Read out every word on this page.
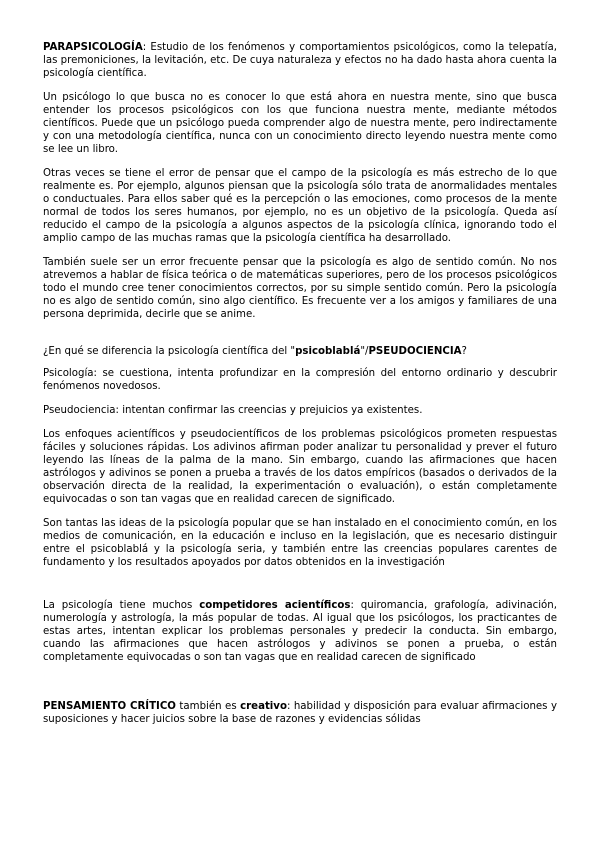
PARAPSICOLOGÍA: Estudio de los fenómenos y comportamientos psicológicos, como la telepatía, las premoniciones, la levitación, etc. De cuya naturaleza y efectos no ha dado hasta ahora cuenta la psicología científica.

Un psicólogo lo que busca no es conocer lo que está ahora en nuestra mente, sino que busca entender los procesos psicológicos con los que funciona nuestra mente, mediante métodos científicos. Puede que un psicólogo pueda comprender algo de nuestra mente, pero indirectamente y con una metodología científica, nunca con un conocimiento directo leyendo nuestra mente como se lee un libro.

Otras veces se tiene el error de pensar que el campo de la psicología es más estrecho de lo que realmente es. Por ejemplo, algunos piensan que la psicología sólo trata de anormalidades mentales o conductuales. Para ellos saber qué es la percepción o las emociones, como procesos de la mente normal de todos los seres humanos, por ejemplo, no es un objetivo de la psicología. Queda así reducido el campo de la psicología a algunos aspectos de la psicología clínica, ignorando todo el amplio campo de las muchas ramas que la psicología científica ha desarrollado.

También suele ser un error frecuente pensar que la psicología es algo de sentido común. No nos atrevemos a hablar de física teórica o de matemáticas superiores, pero de los procesos psicológicos todo el mundo cree tener conocimientos correctos, por su simple sentido común. Pero la psicología no es algo de sentido común, sino algo científico. Es frecuente ver a los amigos y familiares de una persona deprimida, decirle que se anime.

¿En qué se diferencia la psicología científica del "psicoblablá"/PSEUDOCIENCIA?

Psicología: se cuestiona, intenta profundizar en la compresión del entorno ordinario y descubrir fenómenos novedosos.

Pseudociencia: intentan confirmar las creencias y prejuicios ya existentes.

Los enfoques acientíficos y pseudocientíficos de los problemas psicológicos prometen respuestas fáciles y soluciones rápidas. Los adivinos afirman poder analizar tu personalidad y prever el futuro leyendo las líneas de la palma de la mano. Sin embargo, cuando las afirmaciones que hacen astrólogos y adivinos se ponen a prueba a través de los datos empíricos (basados o derivados de la observación directa de la realidad, la experimentación o evaluación), o están completamente equivocadas o son tan vagas que en realidad carecen de significado.

Son tantas las ideas de la psicología popular que se han instalado en el conocimiento común, en los medios de comunicación, en la educación e incluso en la legislación, que es necesario distinguir entre el psicoblablá y la psicología seria, y también entre las creencias populares carentes de fundamento y los resultados apoyados por datos obtenidos en la investigación

La psicología tiene muchos competidores acientíficos: quiromancia, grafología, adivinación, numerología y astrología, la más popular de todas. Al igual que los psicólogos, los practicantes de estas artes, intentan explicar los problemas personales y predecir la conducta. Sin embargo, cuando las afirmaciones que hacen astrólogos y adivinos se ponen a prueba, o están completamente equivocadas o son tan vagas que en realidad carecen de significado

PENSAMIENTO CRÍTICO también es creativo: habilidad y disposición para evaluar afirmaciones y suposiciones y hacer juicios sobre la base de razones y evidencias sólidas
